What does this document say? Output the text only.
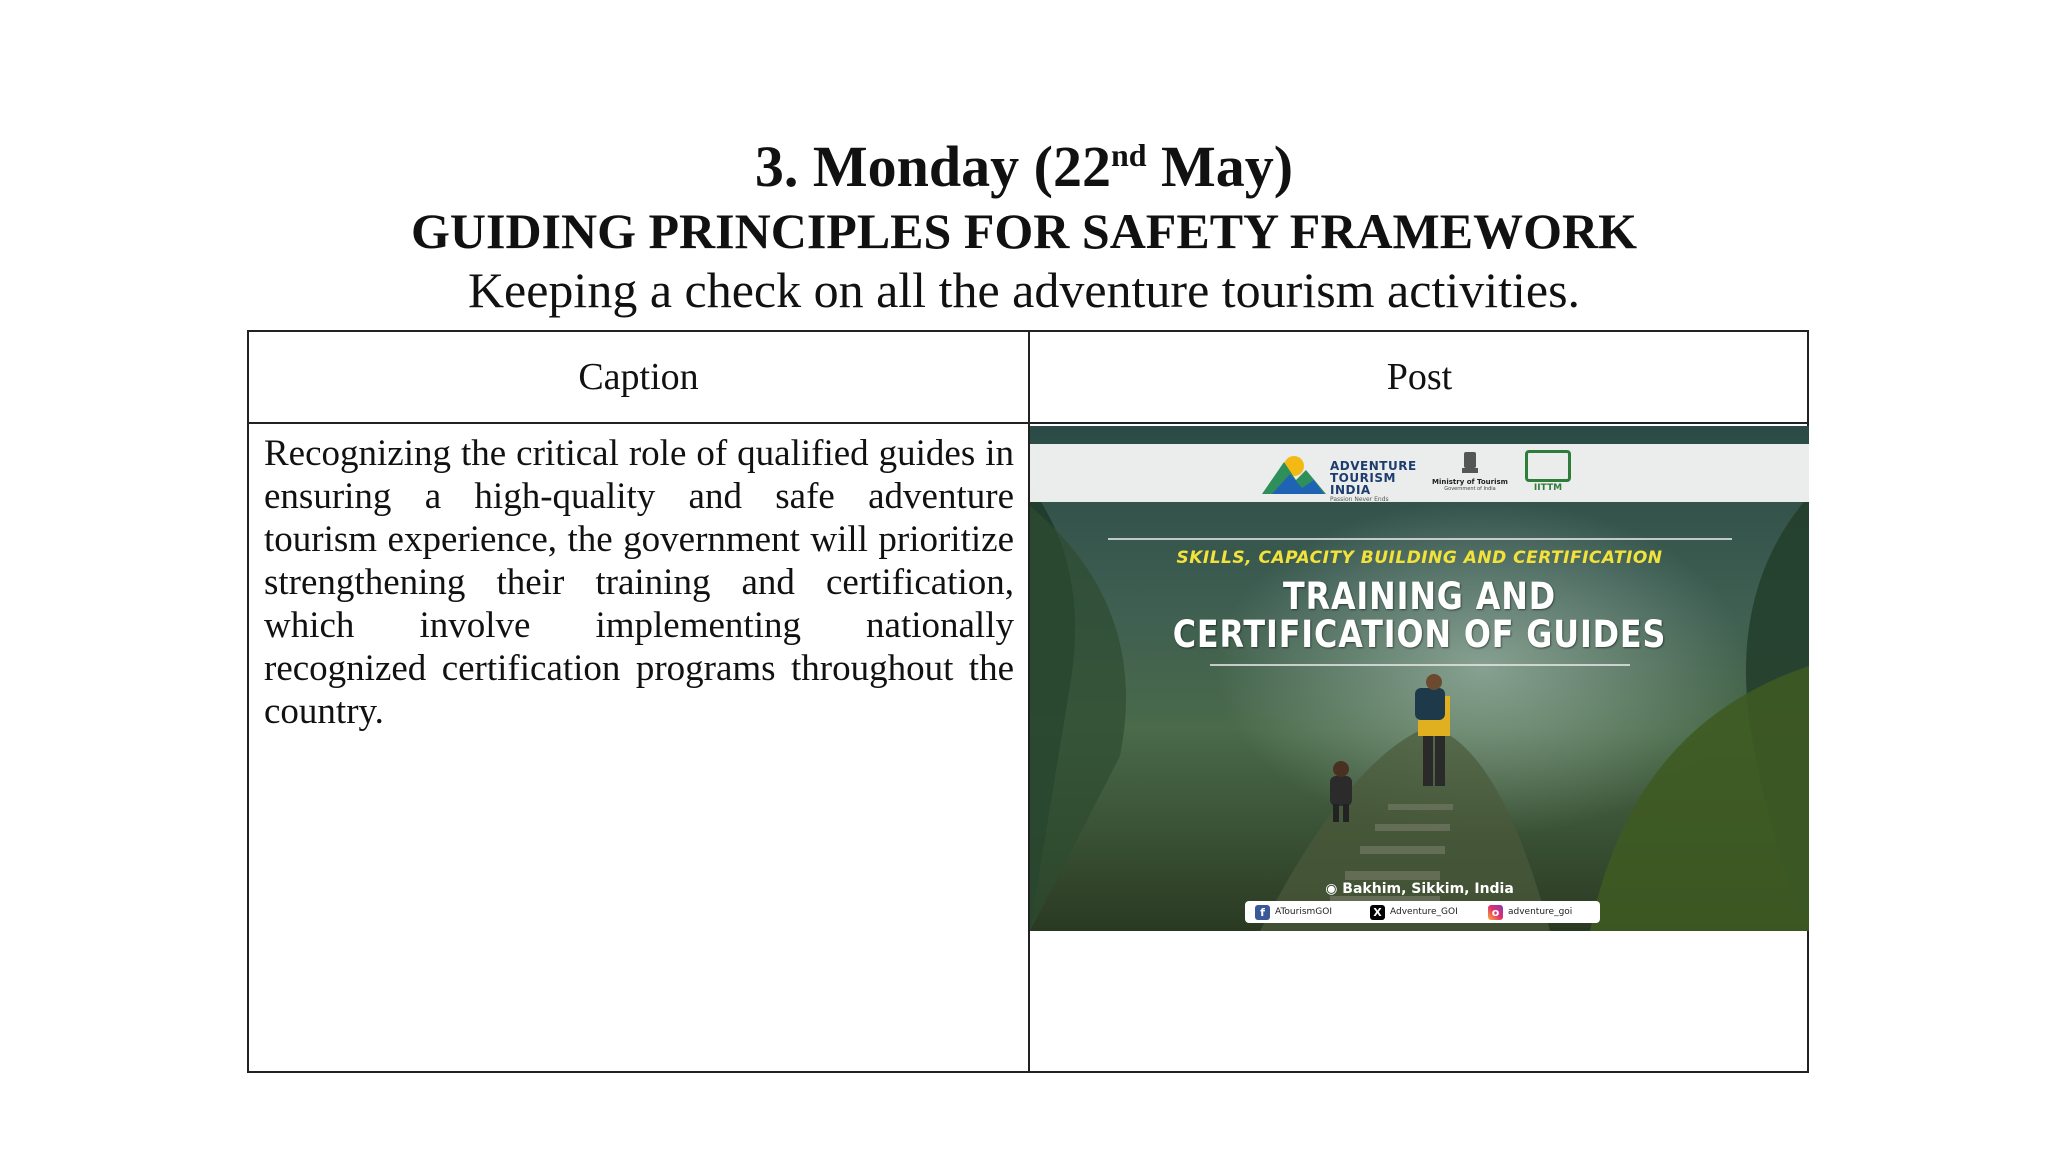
3. Monday (22nd May)
GUIDING PRINCIPLES FOR SAFETY FRAMEWORK
Keeping a check on all the adventure tourism activities.
Caption	Post
Recognizing the critical role of qualified guides in ensuring a high-quality and safe adventure tourism experience, the government will prioritize strengthening their training and certification, which involve implementing nationally recognized certification programs throughout the country.
ADVENTURE
TOURISM INDIA
Passion Never Ends
Ministry of Tourism
Government of India	IITTM
SKILLS, CAPACITY BUILDING AND CERTIFICATION
TRAINING AND
CERTIFICATION OF GUIDES
◉ Bakhim, Sikkim, India
f	ATourismGOI	X Adventure_GOI	o adventure_goi
